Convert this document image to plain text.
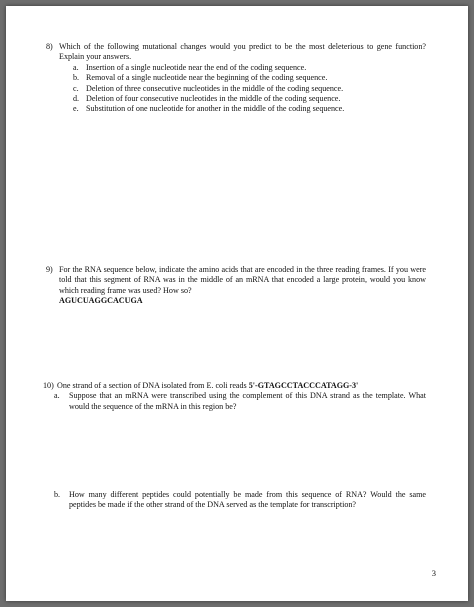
8) Which of the following mutational changes would you predict to be the most deleterious to gene function? Explain your answers.
a. Insertion of a single nucleotide near the end of the coding sequence.
b. Removal of a single nucleotide near the beginning of the coding sequence.
c. Deletion of three consecutive nucleotides in the middle of the coding sequence.
d. Deletion of four consecutive nucleotides in the middle of the coding sequence.
e. Substitution of one nucleotide for another in the middle of the coding sequence.
9) For the RNA sequence below, indicate the amino acids that are encoded in the three reading frames. If you were told that this segment of RNA was in the middle of an mRNA that encoded a large protein, would you know which reading frame was used? How so?
AGUCUAGGCACUGA
10) One strand of a section of DNA isolated from E. coli reads 5'-GTAGCCTACCCATAGG-3'
a.	Suppose that an mRNA were transcribed using the complement of this DNA strand as the template. What would the sequence of the mRNA in this region be?
b.	How many different peptides could potentially be made from this sequence of RNA? Would the same peptides be made if the other strand of the DNA served as the template for transcription?
3
